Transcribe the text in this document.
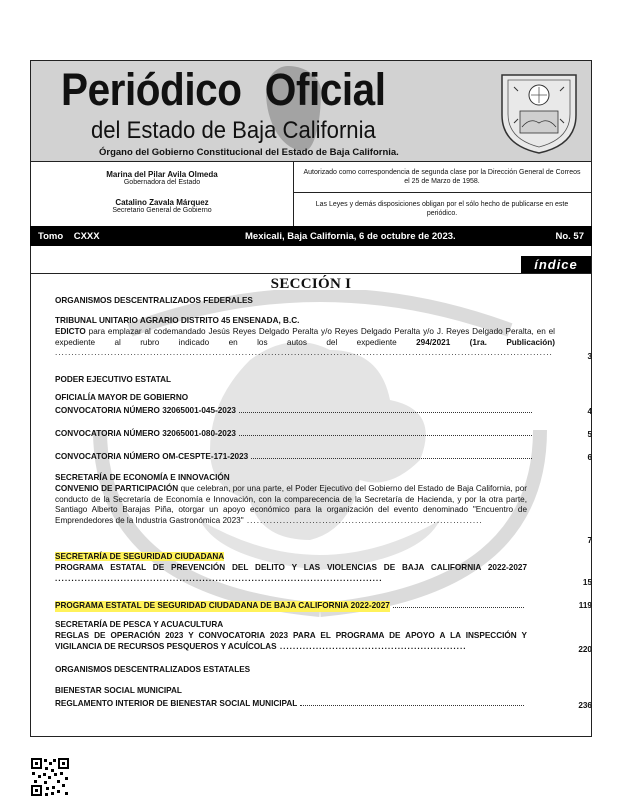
Periódico Oficial
del Estado de Baja California
Órgano del Gobierno Constitucional del Estado de Baja California.
Marina del Pilar Avila Olmeda
Gobernadora del Estado
Catalino Zavala Márquez
Secretario General de Gobierno
Autorizado como correspondencia de segunda clase por la Dirección General de Correos el 25 de Marzo de 1958.
Las Leyes y demás disposiciones obligan por el sólo hecho de publicarse en este periódico.
Tomo    CXXX	Mexicali, Baja California, 6 de octubre de 2023.	No. 57
índice
SECCIÓN I
ORGANISMOS DESCENTRALIZADOS FEDERALES
TRIBUNAL UNITARIO AGRARIO DISTRITO 45 ENSENADA, B.C.
EDICTO para emplazar al codemandado Jesús Reyes Delgado Peralta y/o Reyes Delgado Peralta y/o J. Reyes Delgado Peralta, en el expediente al rubro indicado en los autos del expediente 294/2021 (1ra. Publicación) ........................................................................................................................................................	3
PODER EJECUTIVO ESTATAL
OFICIALÍA MAYOR DE GOBIERNO
CONVOCATORIA NÚMERO 32065001-045-2023	4
CONVOCATORIA NÚMERO 32065001-080-2023	5
CONVOCATORIA NÚMERO OM-CESPTE-171-2023	6
SECRETARÍA DE ECONOMÍA E INNOVACIÓN
CONVENIO DE PARTICIPACIÓN que celebran, por una parte, el Poder Ejecutivo del Gobierno del Estado de Baja California, por conducto de la Secretaría de Economía e Innovación, con la comparecencia de la Secretaría de Hacienda, y por la otra parte, Santiago Alberto Barajas Piña, otorgar un apoyo económico para la organización del evento denominado "Encuentro de Emprendedores de la Industria Gastronómica 2023" ........................................................................
7
SECRETARÍA DE SEGURIDAD CIUDADANA
PROGRAMA ESTATAL DE PREVENCIÓN DEL DELITO Y LAS VIOLENCIAS DE BAJA CALIFORNIA 2022-2027 ....................................................................................................	15
PROGRAMA ESTATAL DE SEGURIDAD CIUDADANA DE BAJA CALIFORNIA 2022-2027	119
SECRETARÍA DE PESCA Y ACUACULTURA
REGLAS DE OPERACIÓN 2023 Y CONVOCATORIA 2023 PARA EL PROGRAMA DE APOYO A LA INSPECCIÓN Y VIGILANCIA DE RECURSOS PESQUEROS Y ACUÍCOLAS .........................................................	220
ORGANISMOS DESCENTRALIZADOS ESTATALES
BIENESTAR SOCIAL MUNICIPAL
REGLAMENTO INTERIOR DE BIENESTAR SOCIAL MUNICIPAL	236
